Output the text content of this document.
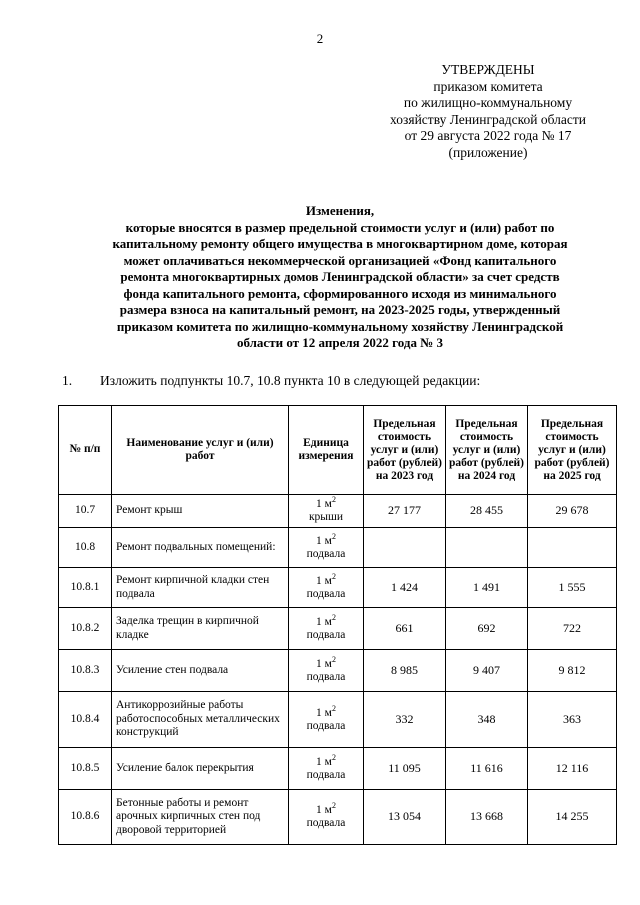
2
УТВЕРЖДЕНЫ
приказом комитета
по жилищно-коммунальному
хозяйству Ленинградской области
от 29 августа 2022 года № 17
(приложение)
Изменения,
которые вносятся в размер предельной стоимости услуг и (или) работ по
капитальному ремонту общего имущества в многоквартирном доме, которая
может оплачиваться некоммерческой организацией «Фонд капитального
ремонта многоквартирных домов Ленинградской области» за счет средств
фонда капитального ремонта, сформированного исходя из минимального
размера взноса на капитальный ремонт, на 2023-2025 годы, утвержденный
приказом комитета по жилищно-коммунальному хозяйству Ленинградской
области от 12 апреля 2022 года № 3
1. Изложить подпункты 10.7, 10.8 пункта 10 в следующей редакции:
№ п/п	Наименование услуг и (или) работ	Единица измерения	Предельная стоимость услуг и (или) работ (рублей) на 2023 год	Предельная стоимость услуг и (или) работ (рублей) на 2024 год	Предельная стоимость услуг и (или) работ (рублей) на 2025 год
10.7	Ремонт крыш	1 $м^2$
крыши	27 177	28 455	29 678
10.8	Ремонт подвальных помещений:	1 $м^2$
подвала			
10.8.1	Ремонт кирпичной кладки стен подвала	1 $м^2$
подвала	1 424	1 491	1 555
10.8.2	Заделка трещин в кирпичной кладке	1 $м^2$
подвала	661	692	722
10.8.3	Усиление стен подвала	1 $м^2$
подвала	8 985	9 407	9 812
10.8.4	Антикоррозийные работы работоспособных металлических конструкций	1 $м^2$
подвала	332	348	363
10.8.5	Усиление балок перекрытия	1 $м^2$
подвала	11 095	11 616	12 116
10.8.6	Бетонные работы и ремонт арочных кирпичных стен под дворовой территорией	1 $м^2$
подвала	13 054	13 668	14 255
